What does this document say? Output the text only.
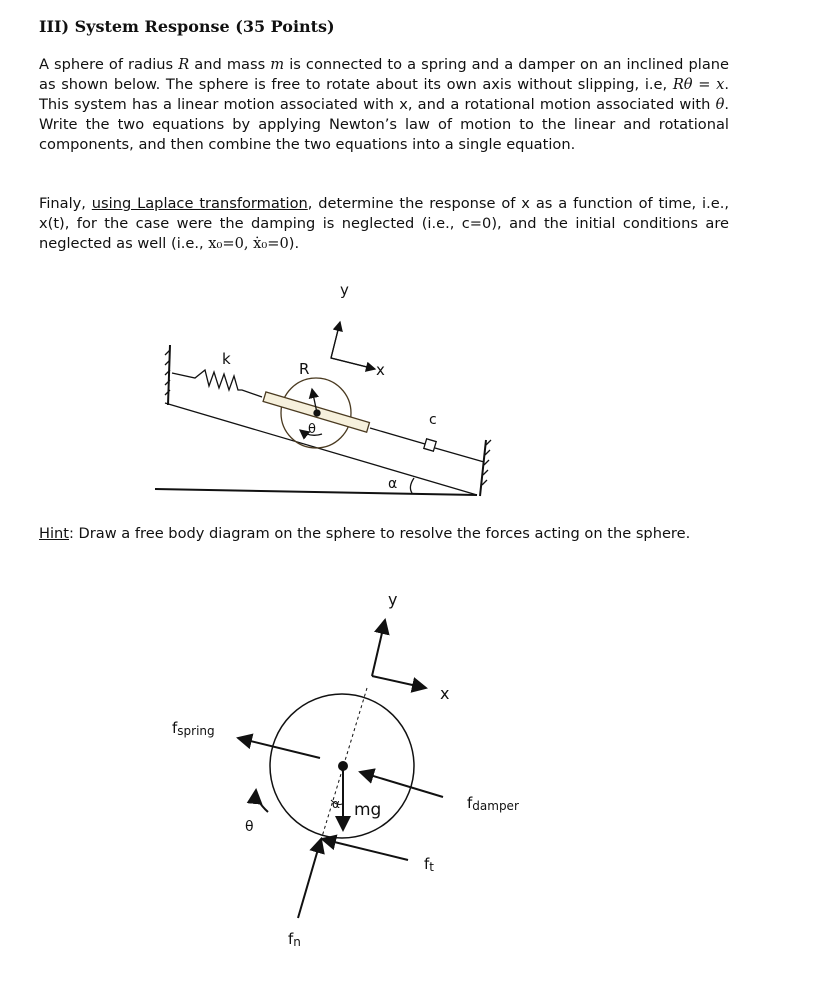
III) System Response (35 Points)
A sphere of radius R and mass m is connected to a spring and a damper on an inclined plane as shown below. The sphere is free to rotate about its own axis without slipping, i.e, Rθ = x. This system has a linear motion associated with x, and a rotational motion associated with θ. Write the two equations by applying Newton’s law of motion to the linear and rotational components, and then combine the two equations into a single equation.
Finaly, using Laplace transformation, determine the response of x as a function of time, i.e., x(t), for the case were the damping is neglected (i.e., c=0), and the initial conditions are neglected as well (i.e., x₀=0, ẋ₀=0).
Hint: Draw a free body diagram on the sphere to resolve the forces acting on the sphere.
y
x
k
R
c
θ
α
y
x
fspring
fdamper
ft
fn
mg
θ
α
